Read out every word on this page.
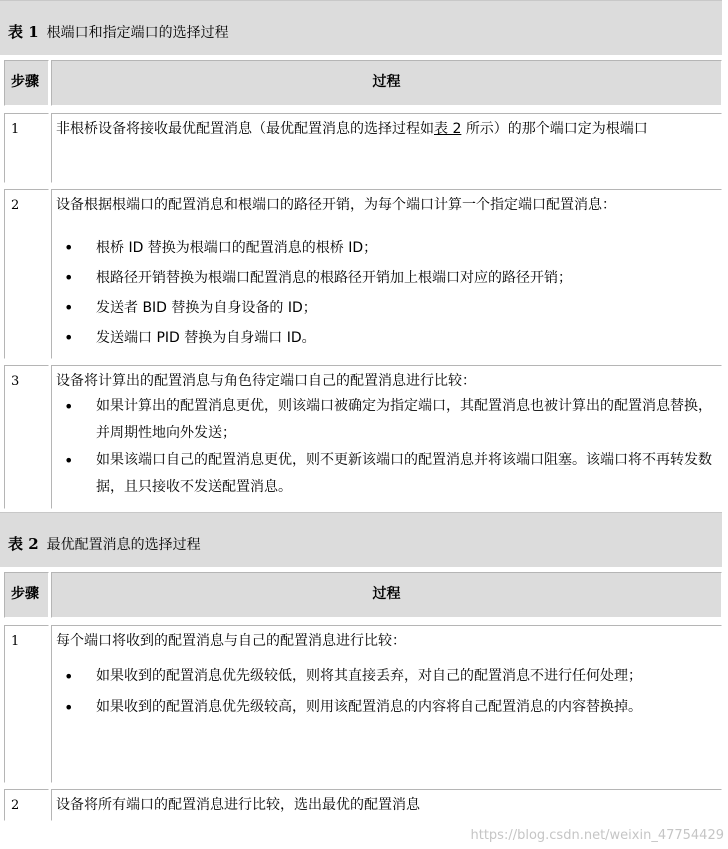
表 1 根端口和指定端口的选择过程
步骤	过程
1	非根桥设备将接收最优配置消息（最优配置消息的选择过程如表 2 所示）的那个端口定为根端口

2	设备根据根端口的配置消息和根端口的路径开销，为每个端口计算一个指定端口配置消息：

• 根桥 ID 替换为根端口的配置消息的根桥 ID；
• 根路径开销替换为根端口配置消息的根路径开销加上根端口对应的路径开销；
• 发送者 BID 替换为自身设备的 ID；
• 发送端口 PID 替换为自身端口 ID。
3	设备将计算出的配置消息与角色待定端口自己的配置消息进行比较：

• 如果计算出的配置消息更优，则该端口被确定为指定端口，其配置消息也被计算出的配置消息替换，并周期性地向外发送；
• 如果该端口自己的配置消息更优，则不更新该端口的配置消息并将该端口阻塞。该端口将不再转发数据，且只接收不发送配置消息。
表 2 最优配置消息的选择过程
步骤	过程
1	每个端口将收到的配置消息与自己的配置消息进行比较：

• 如果收到的配置消息优先级较低，则将其直接丢弃，对自己的配置消息不进行任何处理；
• 如果收到的配置消息优先级较高，则用该配置消息的内容将自己配置消息的内容替换掉。
2	设备将所有端口的配置消息进行比较，选出最优的配置消息

https://blog.csdn.net/weixin_47754429
